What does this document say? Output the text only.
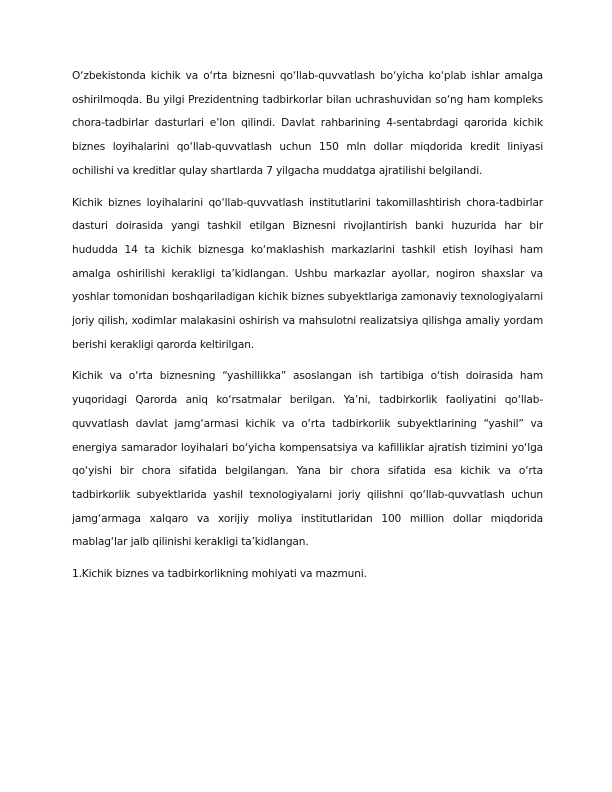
O‘zbekistonda kichik va o‘rta biznesni qo‘llab-quvvatlash bo‘yicha ko‘plab ishlar amalga oshirilmoqda. Bu yilgi Prezidentning tadbirkorlar bilan uchrashuvidan so‘ng ham kompleks chora-tadbirlar dasturlari e’lon qilindi. Davlat rahbarining 4-sentabrdagi qarorida kichik biznes loyihalarini qo‘llab-quvvatlash uchun 150 mln dollar miqdorida kredit liniyasi ochilishi va kreditlar qulay shartlarda 7 yilgacha muddatga ajratilishi belgilandi.

Kichik biznes loyihalarini qo‘llab-quvvatlash institutlarini takomillashtirish chora-tadbirlar dasturi doirasida yangi tashkil etilgan Biznesni rivojlantirish banki huzurida har bir hududda 14 ta kichik biznesga ko‘maklashish markazlarini tashkil etish loyihasi ham amalga oshirilishi kerakligi ta’kidlangan. Ushbu markazlar ayollar, nogiron shaxslar va yoshlar tomonidan boshqariladigan kichik biznes subyektlariga zamonaviy texnologiyalarni joriy qilish, xodimlar malakasini oshirish va mahsulotni realizatsiya qilishga amaliy yordam berishi kerakligi qarorda keltirilgan.

Kichik va o‘rta biznesning “yashillikka” asoslangan ish tartibiga o‘tish doirasida ham yuqoridagi Qarorda aniq ko‘rsatmalar berilgan. Ya’ni, tadbirkorlik faoliyatini qo‘llab-quvvatlash davlat jamg‘armasi kichik va o‘rta tadbirkorlik subyektlarining “yashil” va energiya samarador loyihalari bo‘yicha kompensatsiya va kafilliklar ajratish tizimini yo‘lga qo‘yishi bir chora sifatida belgilangan. Yana bir chora sifatida esa kichik va o‘rta tadbirkorlik subyektlarida yashil texnologiyalarni joriy qilishni qo‘llab-quvvatlash uchun jamg‘armaga xalqaro va xorijiy moliya institutlaridan 100 million dollar miqdorida mablag‘lar jalb qilinishi kerakligi ta’kidlangan.

1.Kichik biznes va tadbirkorlikning mohiyati va mazmuni.
